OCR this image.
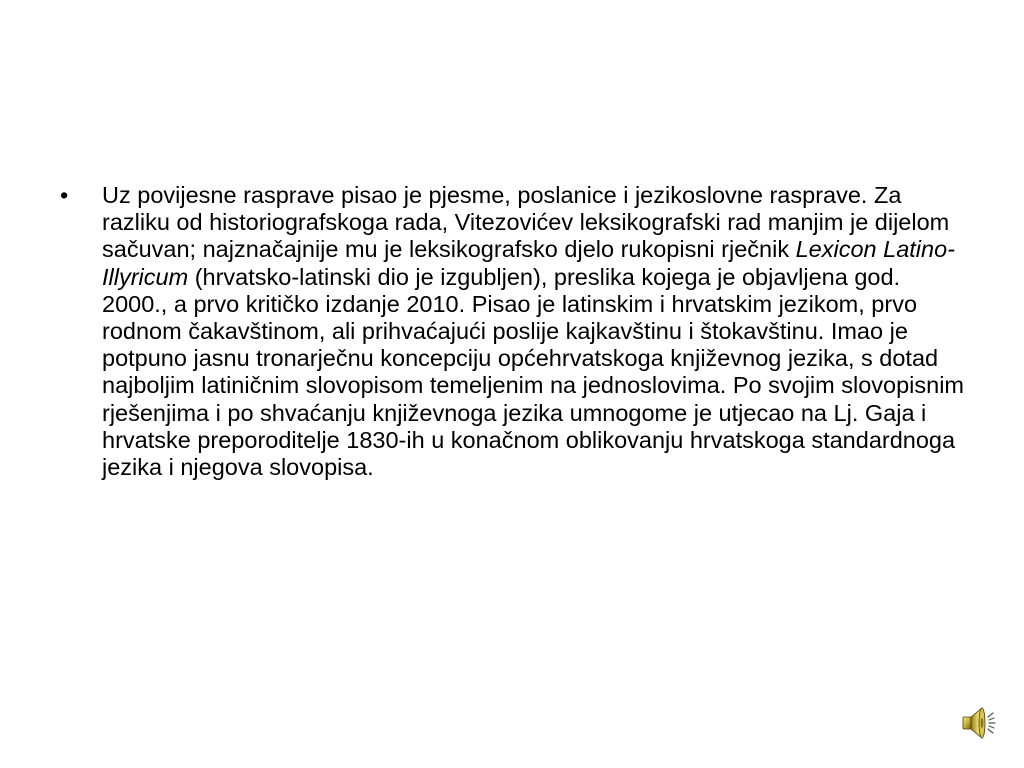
•	Uz povijesne rasprave pisao je pjesme, poslanice i jezikoslovne rasprave. Za razliku od historiografskoga rada, Vitezovićev leksikografski rad manjim je dijelom sačuvan; najznačajnije mu je leksikografsko djelo rukopisni rječnik Lexicon Latino-Illyricum (hrvatsko-latinski dio je izgubljen), preslika kojega je objavljena god. 2000., a prvo kritičko izdanje 2010. Pisao je latinskim i hrvatskim jezikom, prvo rodnom čakavštinom, ali prihvaćajući poslije kajkavštinu i štokavštinu. Imao je potpuno jasnu tronarječnu koncepciju općehrvatskoga književnog jezika, s dotad najboljim latiničnim slovopisom temeljenim na jednoslovima. Po svojim slovopisnim rješenjima i po shvaćanju književnoga jezika umnogome je utjecao na Lj. Gaja i hrvatske preporoditelje 1830-ih u konačnom oblikovanju hrvatskoga standardnoga jezika i njegova slovopisa.
